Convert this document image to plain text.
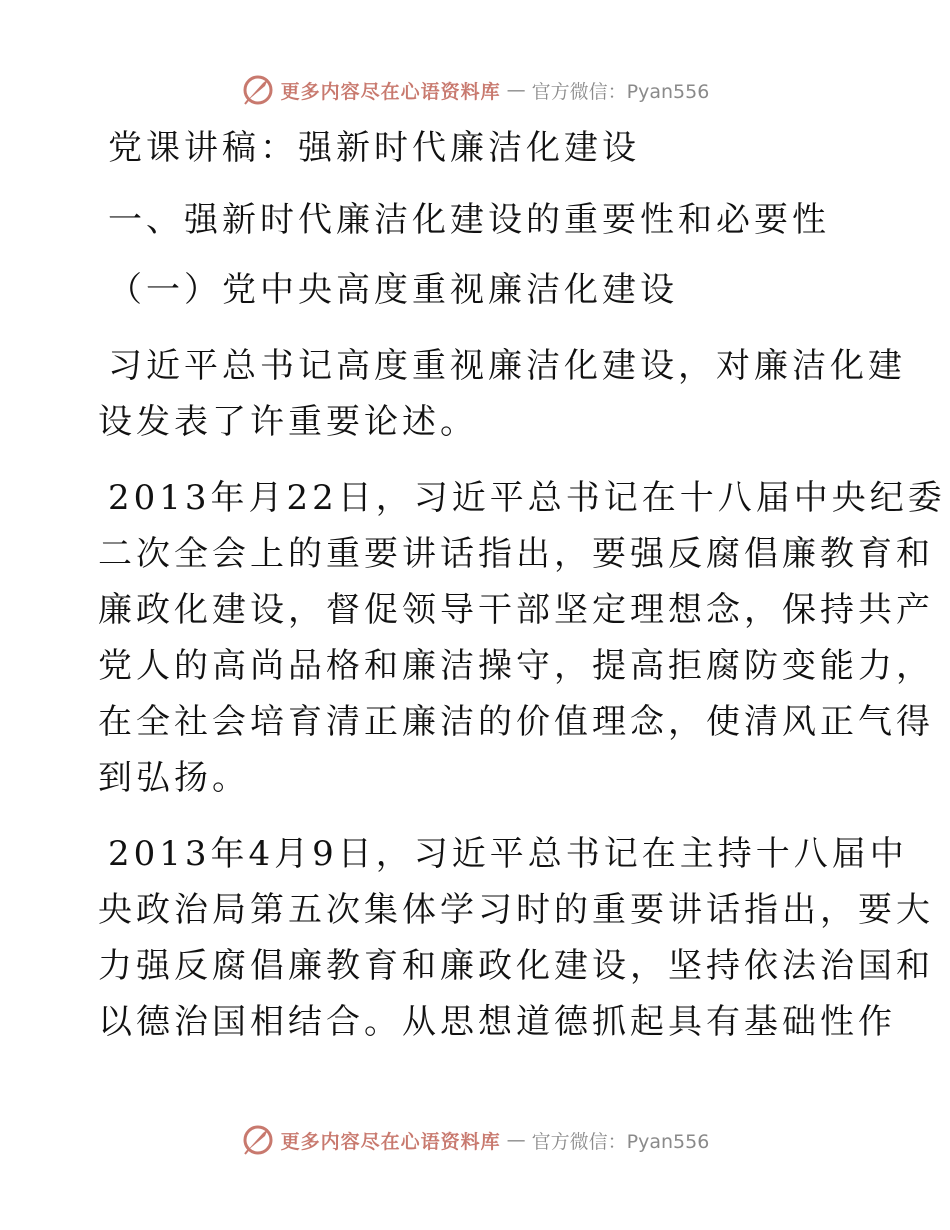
更多内容尽在心语资料库 — 官方微信：Pyan556
党课讲稿：强新时代廉洁化建设
一、强新时代廉洁化建设的重要性和必要性
（一）党中央高度重视廉洁化建设
习近平总书记高度重视廉洁化建设，对廉洁化建
设发表了许重要论述。
2013年月22日，习近平总书记在十八届中央纪委
二次全会上的重要讲话指出，要强反腐倡廉教育和
廉政化建设，督促领导干部坚定理想念，保持共产
党人的高尚品格和廉洁操守，提高拒腐防变能力，
在全社会培育清正廉洁的价值理念，使清风正气得
到弘扬。
2013年4月9日，习近平总书记在主持十八届中
央政治局第五次集体学习时的重要讲话指出，要大
力强反腐倡廉教育和廉政化建设，坚持依法治国和
以德治国相结合。从思想道德抓起具有基础性作
更多内容尽在心语资料库 — 官方微信：Pyan556
